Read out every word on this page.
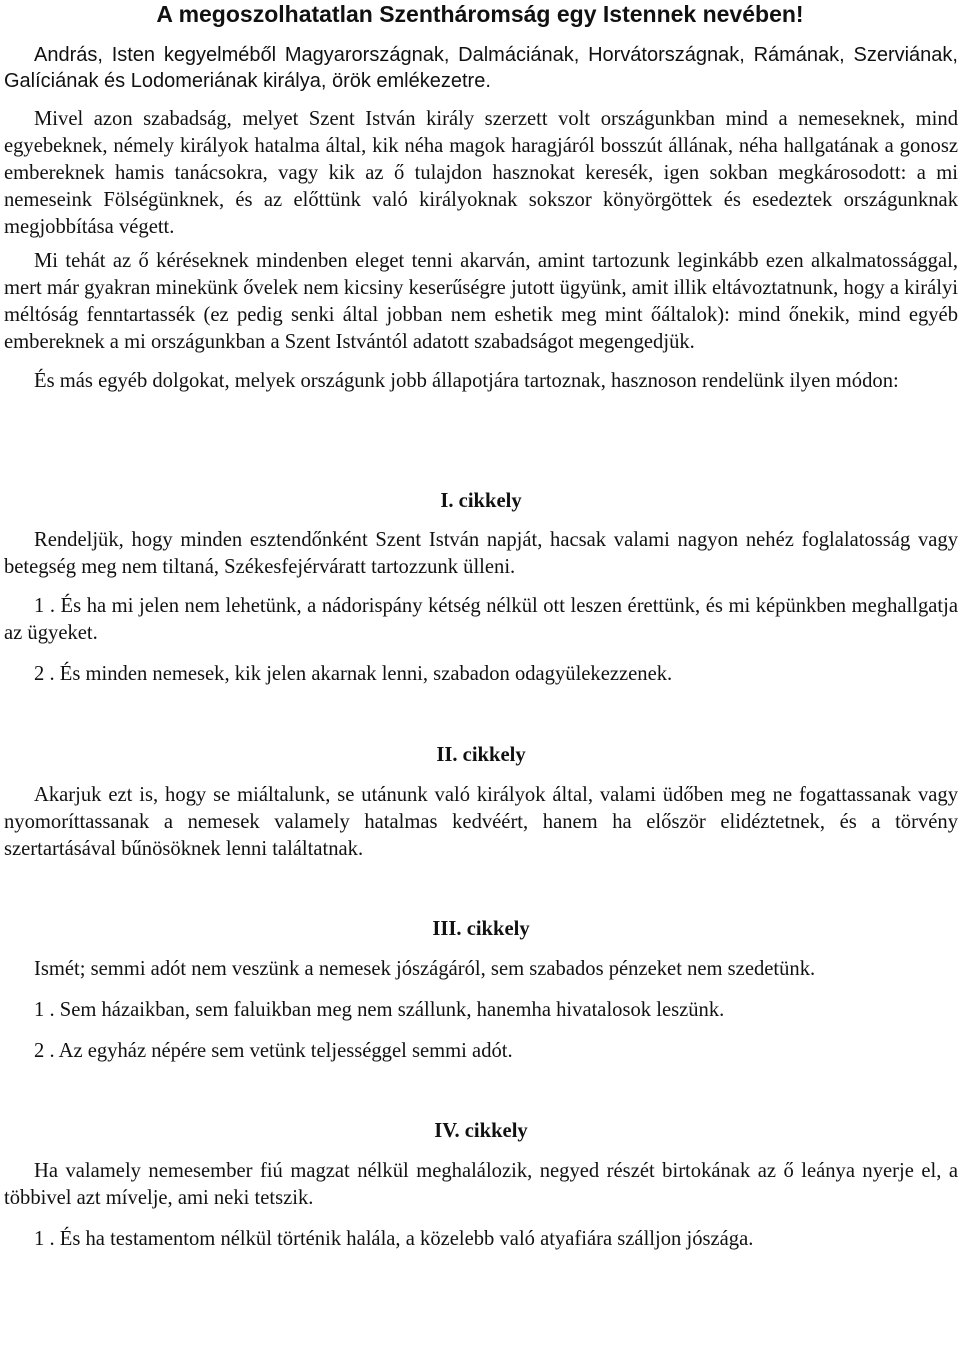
A megoszolhatatlan Szentháromság egy Istennek nevében!

András, Isten kegyelméből Magyarországnak, Dalmáciának, Horvátországnak, Rámának, Szerviának, Galíciának és Lodomeriának királya, örök emlékezetre.

Mivel azon szabadság, melyet Szent István király szerzett volt országunkban mind a nemeseknek, mind egyebeknek, némely királyok hatalma által, kik néha magok haragjáról bosszút állának, néha hallgatának a gonosz embereknek hamis tanácsokra, vagy kik az ő tulajdon hasznokat keresék, igen sokban megkárosodott: a mi nemeseink Fölségünknek, és az előttünk való királyoknak sokszor könyörgöttek és esedeztek országunknak megjobbítása végett.

Mi tehát az ő kéréseknek mindenben eleget tenni akarván, amint tartozunk leginkább ezen alkalmatossággal, mert már gyakran minekünk ővelek nem kicsiny keserűségre jutott ügyünk, amit illik eltávoztatnunk, hogy a királyi méltóság fenntartassék (ez pedig senki által jobban nem eshetik meg mint őáltalok): mind őnekik, mind egyéb embereknek a mi országunkban a Szent Istvántól adatott szabadságot megengedjük.

És más egyéb dolgokat, melyek országunk jobb állapotjára tartoznak, hasznoson rendelünk ilyen módon:

I. cikkely

Rendeljük, hogy minden esztendőnként Szent István napját, hacsak valami nagyon nehéz foglalatosság vagy betegség meg nem tiltaná, Székesfejérváratt tartozzunk ülleni.

1 . És ha mi jelen nem lehetünk, a nádorispány kétség nélkül ott leszen érettünk, és mi képünkben meghallgatja az ügyeket.

2 . És minden nemesek, kik jelen akarnak lenni, szabadon odagyülekezzenek.

II. cikkely

Akarjuk ezt is, hogy se miáltalunk, se utánunk való királyok által, valami üdőben meg ne fogattassanak vagy nyomoríttassanak a nemesek valamely hatalmas kedvéért, hanem ha először elidéztetnek, és a törvény szertartásával bűnösöknek lenni találtatnak.

III. cikkely

Ismét; semmi adót nem veszünk a nemesek jószágáról, sem szabados pénzeket nem szedetünk.

1 . Sem házaikban, sem faluikban meg nem szállunk, hanemha hivatalosok leszünk.

2 . Az egyház népére sem vetünk teljességgel semmi adót.

IV. cikkely

Ha valamely nemesember fiú magzat nélkül meghalálozik, negyed részét birtokának az ő leánya nyerje el, a többivel azt mívelje, ami neki tetszik.

1 . És ha testamentom nélkül történik halála, a közelebb való atyafiára szálljon jószága.
